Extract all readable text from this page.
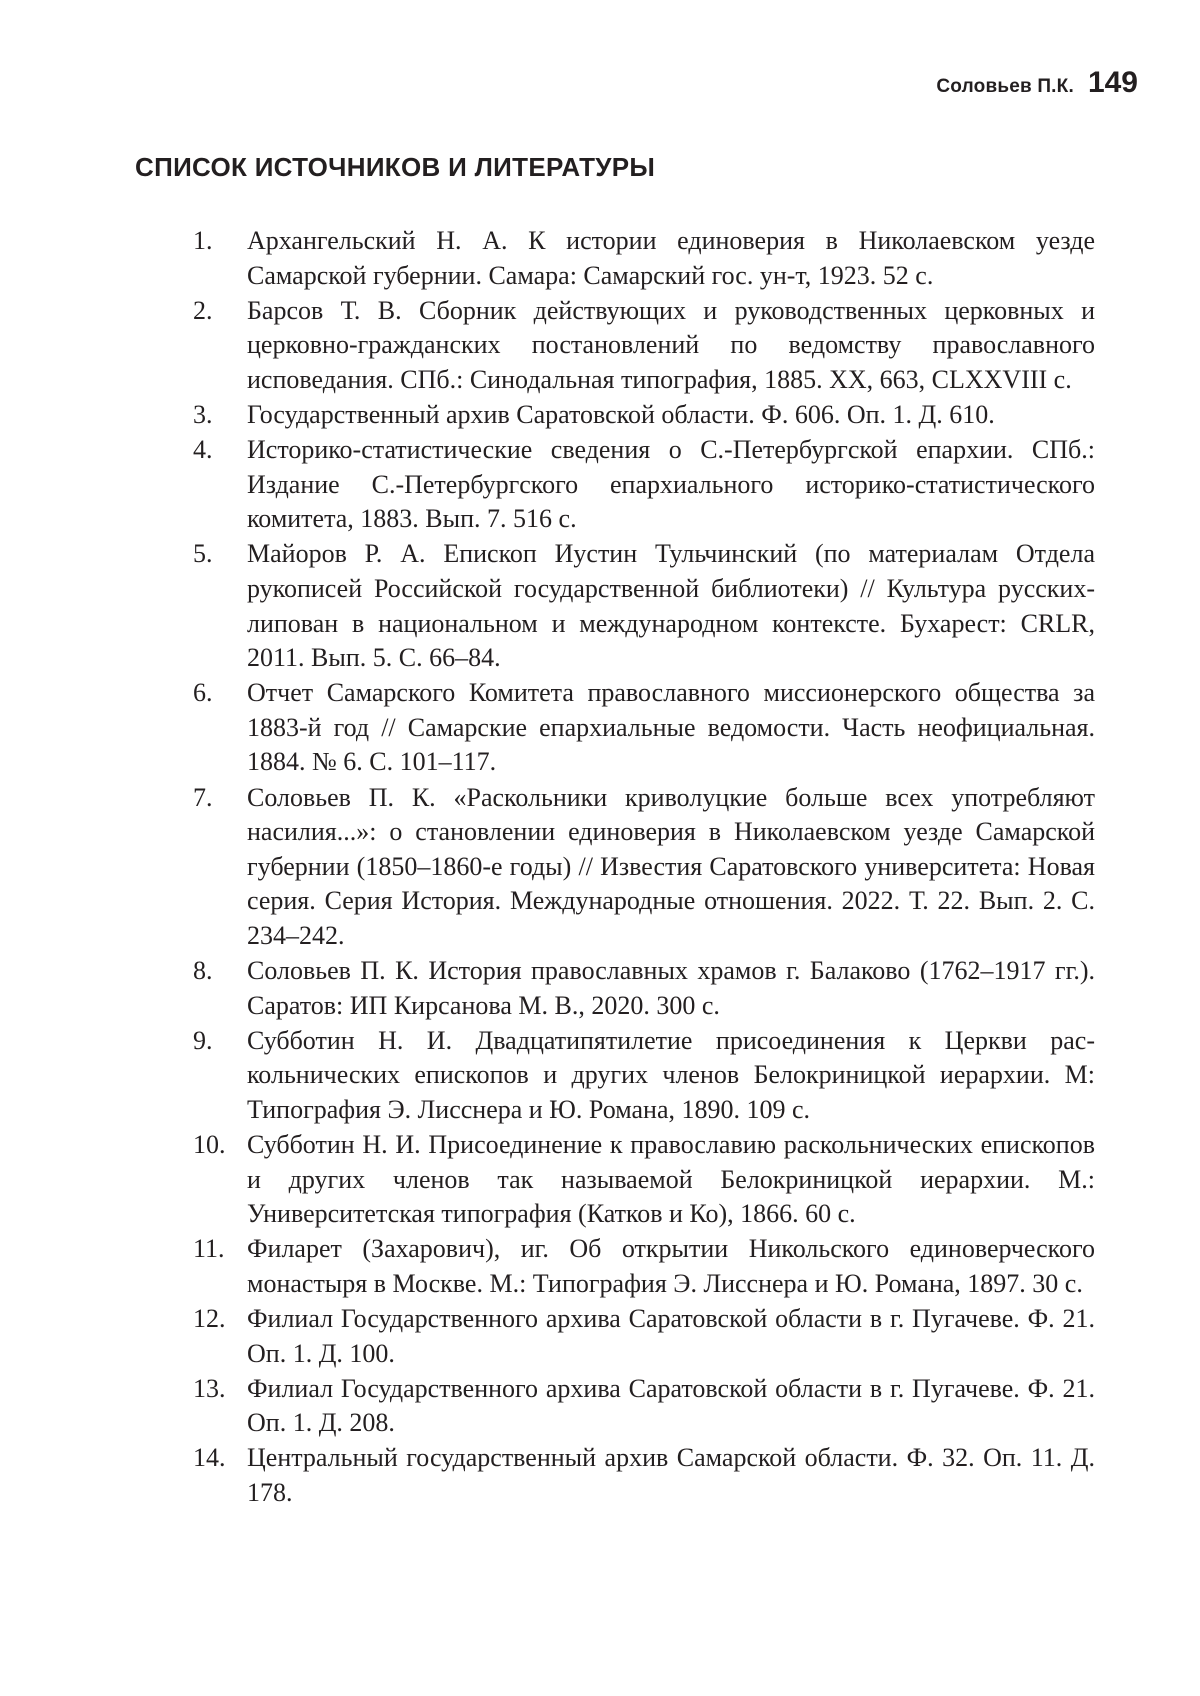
Соловьев П.К. 149
СПИСОК ИСТОЧНИКОВ И ЛИТЕРАТУРЫ
1.	Архангельский Н. А. К истории единоверия в Николаевском уезде Самарской губернии. Самара: Самарский гос. ун-т, 1923. 52 с.
2.	Барсов Т. В. Сборник действующих и руководственных церковных и церковно-гражданских постановлений по ведомству православного исповедания. СПб.: Синодальная типография, 1885. XX, 663, CLXXVIII с.
3.	Государственный архив Саратовской области. Ф. 606. Оп. 1. Д. 610.
4.	Историко-статистические сведения о С.-Петербургской епархии. СПб.: Издание С.-Петербургского епархиального историко-статистического комитета, 1883. Вып. 7. 516 с.
5.	Майоров Р. А. Епископ Иустин Тульчинский (по материалам Отдела рукописей Российской государственной библиотеки) // Культура русских-липован в национальном и международном контексте. Бухарест: CRLR, 2011. Вып. 5. С. 66–84.
6.	Отчет Самарского Комитета православного миссионерского общества за 1883-й год // Самарские епархиальные ведомости. Часть неофициальная. 1884. № 6. С. 101–117.
7.	Соловьев П. К. «Раскольники криволуцкие больше всех употребляют насилия...»: о становлении единоверия в Николаевском уезде Самарской губернии (1850–1860-е годы) // Известия Саратовского университета: Новая серия. Серия История. Международные отношения. 2022. Т. 22. Вып. 2. С. 234–242.
8.	Соловьев П. К. История православных храмов г. Балаково (1762–1917 гг.). Саратов: ИП Кирсанова М. В., 2020. 300 с.
9.	Субботин Н. И. Двадцатипятилетие присоединения к Церкви раскольнических епископов и других членов Белокриницкой иерархии. М: Типография Э. Лисснера и Ю. Романа, 1890. 109 с.
10. Субботин Н. И. Присоединение к православию раскольнических епископов и других членов так называемой Белокриницкой иерархии. М.: Университетская типография (Катков и Ко), 1866. 60 с.
11. Филарет (Захарович), иг. Об открытии Никольского единоверческого монастыря в Москве. М.: Типография Э. Лисснера и Ю. Романа, 1897. 30 с.
12. Филиал Государственного архива Саратовской области в г. Пугачеве. Ф. 21. Оп. 1. Д. 100.
13. Филиал Государственного архива Саратовской области в г. Пугачеве. Ф. 21. Оп. 1. Д. 208.
14. Центральный государственный архив Самарской области. Ф. 32. Оп. 11. Д. 178.
